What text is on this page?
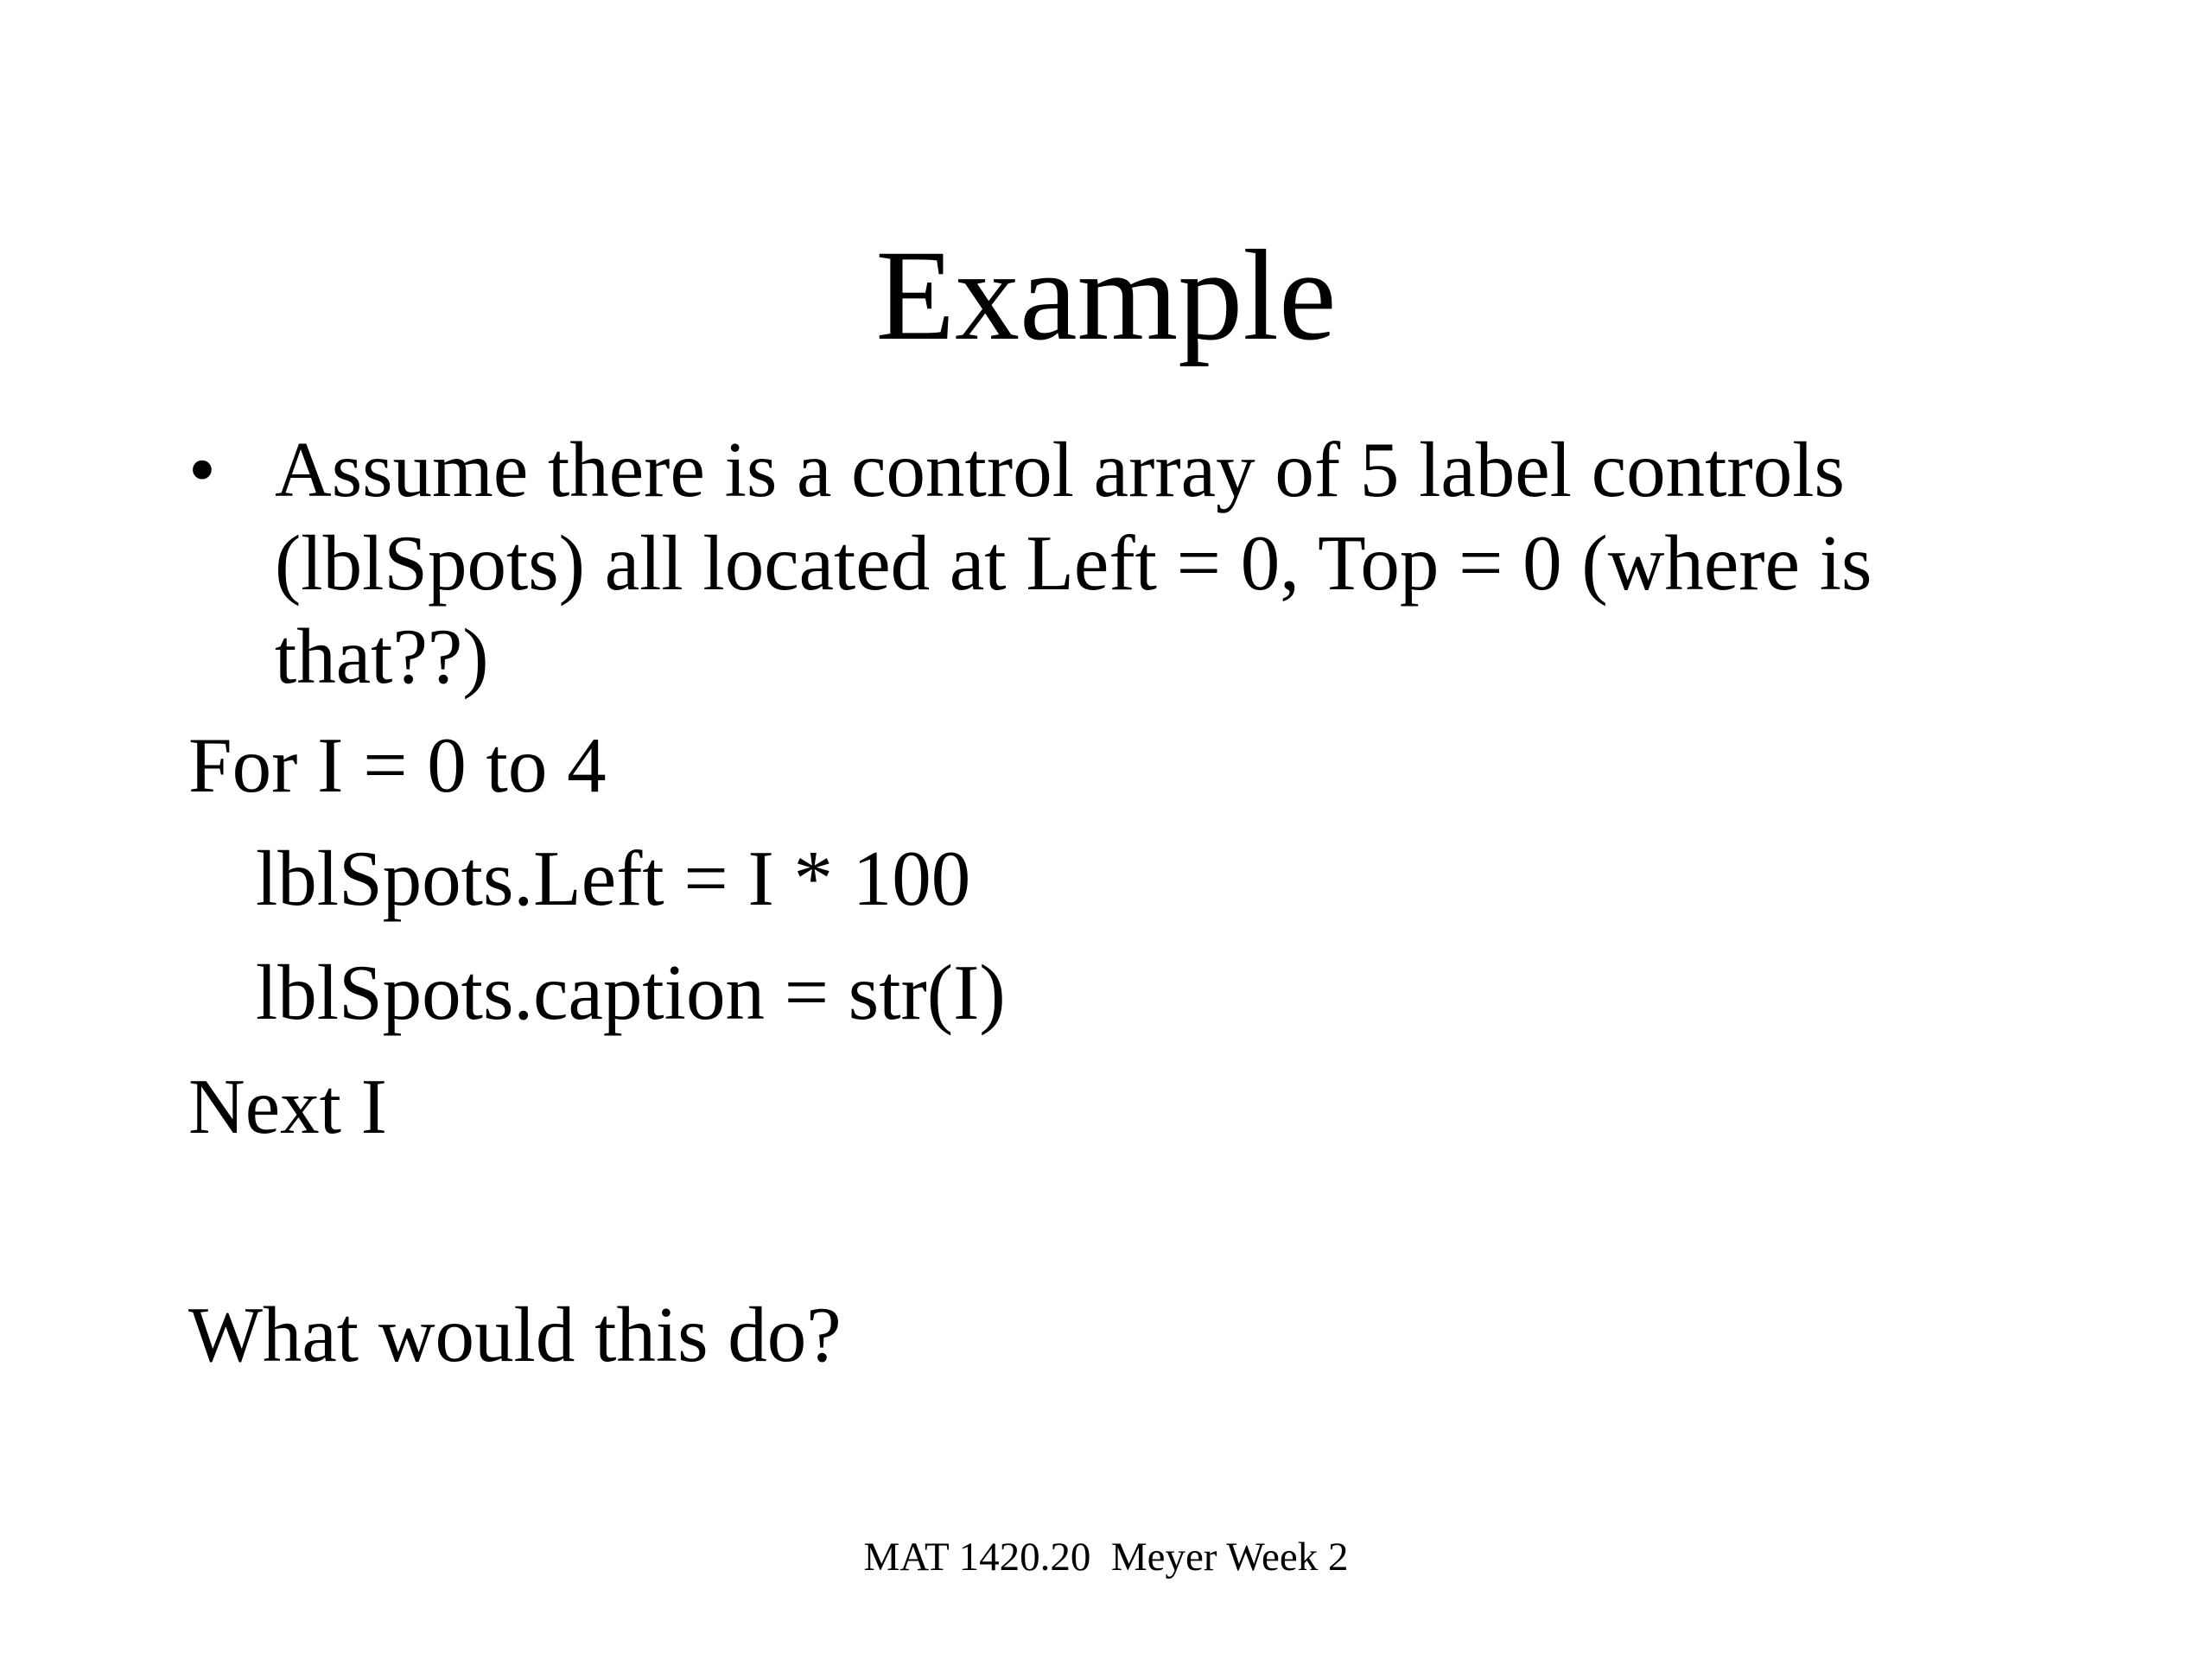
Example
• Assume there is a control array of 5 label controls (lblSpots) all located at Left = 0, Top = 0 (where is that??)
For I = 0 to 4
lblSpots.Left = I * 100
lblSpots.caption = str(I)
Next I
What would this do?
MAT 1420.20  Meyer Week 2
